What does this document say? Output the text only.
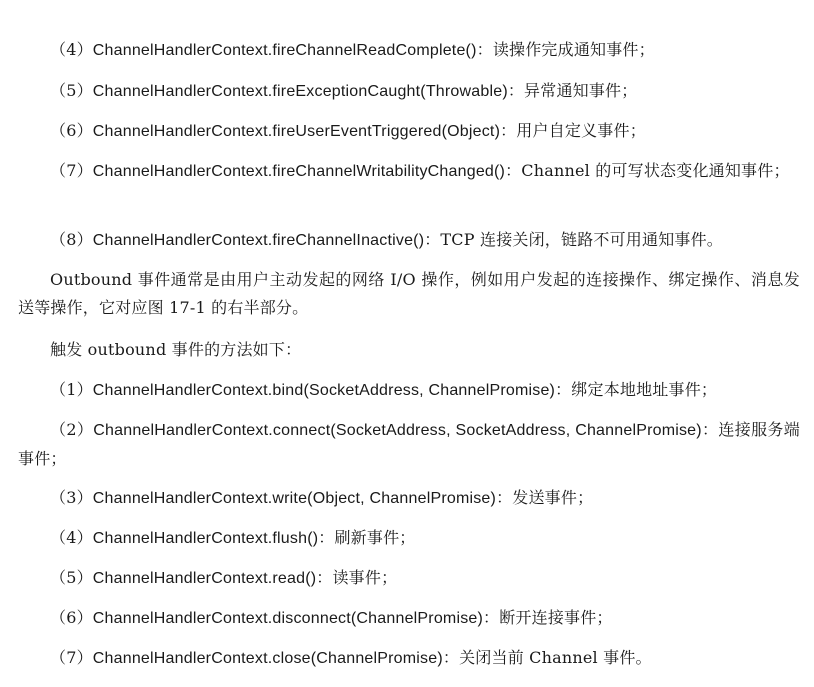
（4）ChannelHandlerContext.fireChannelReadComplete()：读操作完成通知事件；

（5）ChannelHandlerContext.fireExceptionCaught(Throwable)：异常通知事件；

（6）ChannelHandlerContext.fireUserEventTriggered(Object)：用户自定义事件；

（7）ChannelHandlerContext.fireChannelWritabilityChanged()：Channel 的可写状态变化通知事件；

（8）ChannelHandlerContext.fireChannelInactive()：TCP 连接关闭，链路不可用通知事件。

Outbound 事件通常是由用户主动发起的网络 I/O 操作，例如用户发起的连接操作、绑定操作、消息发送等操作，它对应图 17-1 的右半部分。

触发 outbound 事件的方法如下：

（1）ChannelHandlerContext.bind(SocketAddress, ChannelPromise)：绑定本地地址事件；

（2）ChannelHandlerContext.connect(SocketAddress, SocketAddress, ChannelPromise)：连接服务端事件；

（3）ChannelHandlerContext.write(Object, ChannelPromise)：发送事件；

（4）ChannelHandlerContext.flush()：刷新事件；

（5）ChannelHandlerContext.read()：读事件；

（6）ChannelHandlerContext.disconnect(ChannelPromise)：断开连接事件；

（7）ChannelHandlerContext.close(ChannelPromise)：关闭当前 Channel 事件。
